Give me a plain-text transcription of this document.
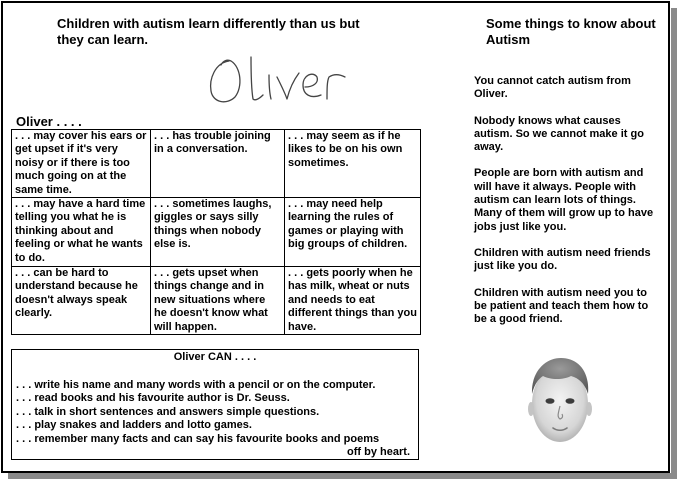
Children with autism learn differently than us but they can learn.
Some things to know about Autism
Oliver . . . .
. . . may cover his ears or get upset if it's very noisy or if there is too much going on at the same time.	. . . has trouble joining in a conversation.	. . . may seem as if he likes to be on his own sometimes.
. . . may have a hard time telling you what he is thinking about and feeling or what he wants to do.	. . . sometimes laughs, giggles or says silly things when nobody else is.	. . . may need help learning the rules of games or playing with big groups of children.
. . . can be hard to understand because he doesn't always speak clearly.	. . . gets upset when things change and in new situations where he doesn't know what will happen.	. . . gets poorly when he has milk, wheat or nuts and needs to eat different things than you have.
Oliver CAN . . . .
. . . write his name and many words with a pencil or on the computer.
. . . read books and his favourite author is Dr. Seuss.
. . . talk in short sentences and answers simple questions.
. . . play snakes and ladders and lotto games.
. . . remember many facts and can say his favourite books and poems
off by heart.

You cannot catch autism from Oliver.

Nobody knows what causes autism. So we cannot make it go away.

People are born with autism and will have it always. People with autism can learn lots of things. Many of them will grow up to have jobs just like you.

Children with autism need friends just like you do.

Children with autism need you to be patient and teach them how to be a good friend.
